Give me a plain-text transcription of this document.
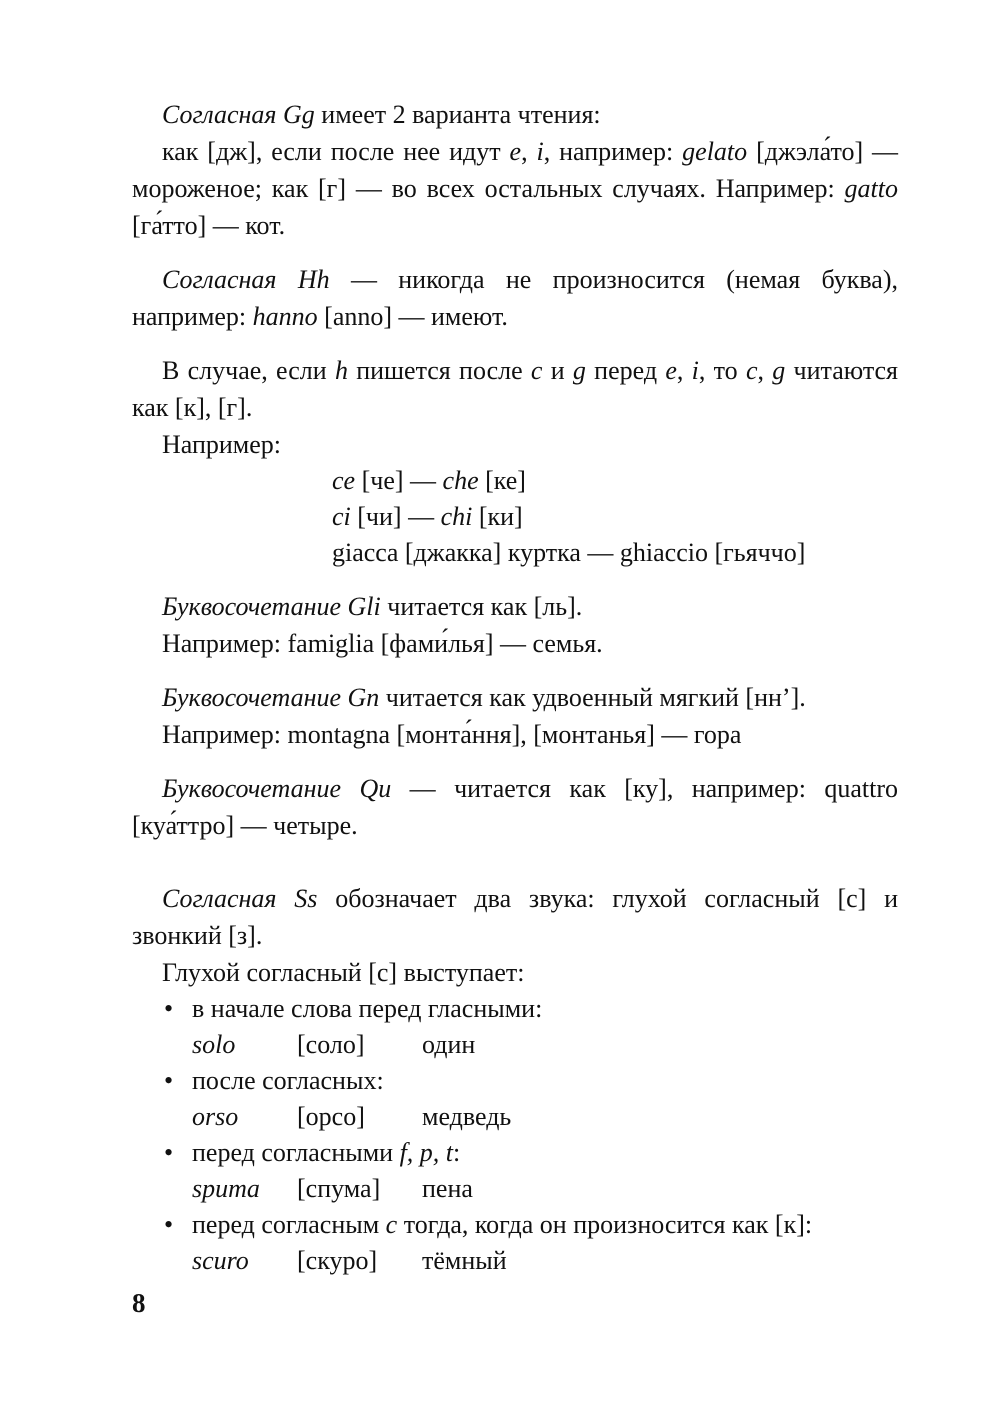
Согласная Gg имеет 2 варианта чтения:

как [дж], если после нее идут e, i, например: gelato [джэла́то] — мороженое; как [г] — во всех остальных случаях. Например: gatto [га́тто] — кот.

Согласная Hh — никогда не произносится (немая буква), например: hanno [anno] — имеют.

В случае, если h пишется после c и g перед e, i, то c, g читаются как [к], [г].

Например:

ce [че] — che [ке]

ci [чи] — chi [ки]

giacca [джакка] куртка — ghiaccio [гьяччо]

Буквосочетание Gli читается как [ль].

Например: famiglia [фами́лья] — семья.

Буквосочетание Gn читается как удвоенный мягкий [нн’].

Например: montagna [монта́ння], [монтанья] — гора

Буквосочетание Qu — читается как [ку], например: quattro [куа́ттро] — четыре.

Согласная Ss обозначает два звука: глухой согласный [с] и звонкий [з].

Глухой согласный [с] выступает:

• в начале слова перед гласными:

solo [соло] один

• после согласных:

orso [орсо] медведь

• перед согласными f, p, t:

spuma [спума] пена

• перед согласным c тогда, когда он произносится как [к]:

scuro [скуро] тёмный

8
